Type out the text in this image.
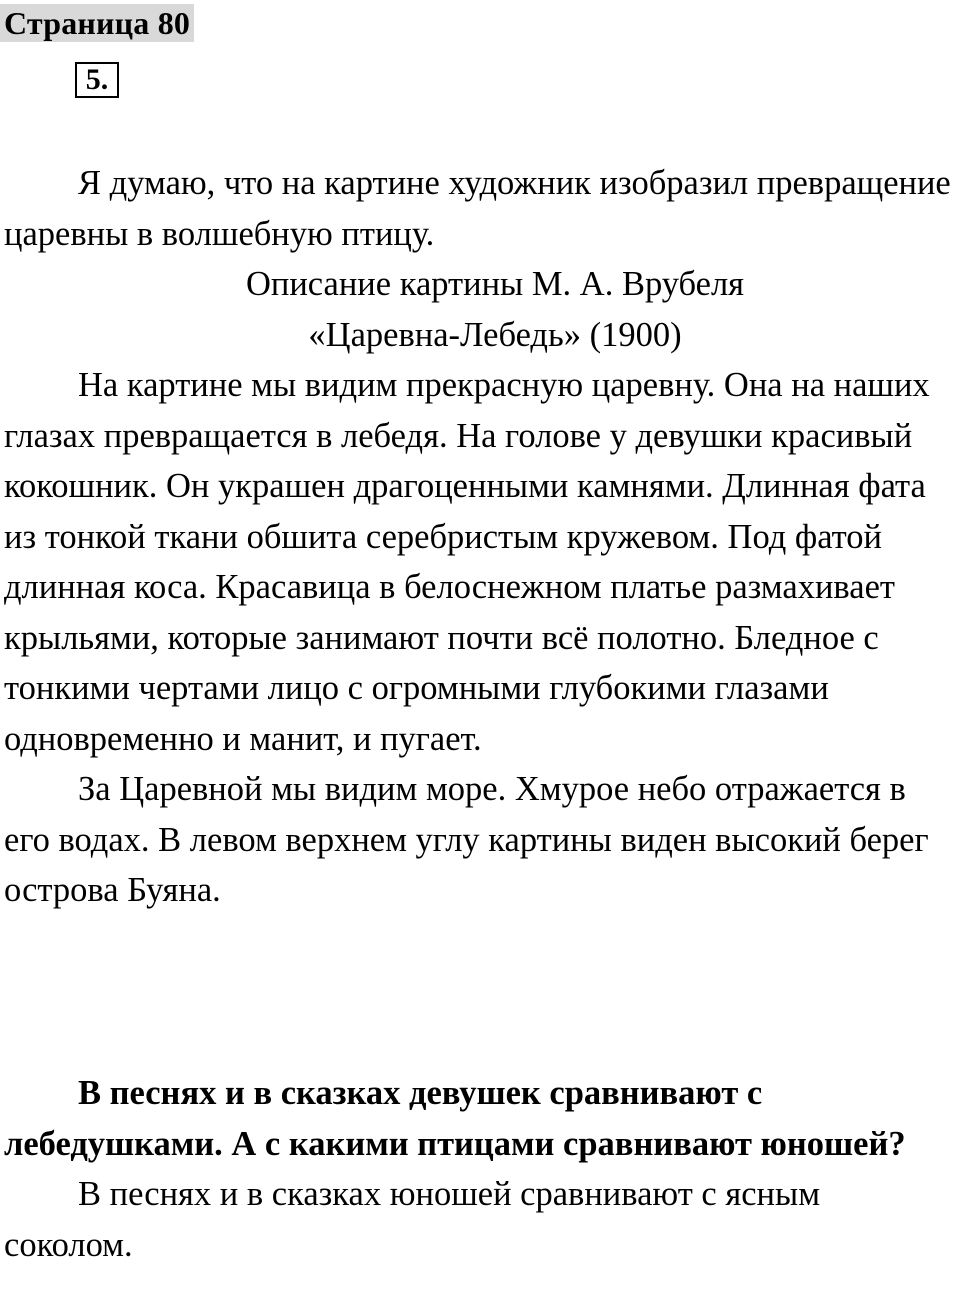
Страница 80
5.

Я думаю, что на картине художник изобразил превращение царевны в волшебную птицу.

Описание картины М. А. Врубеля

«Царевна-Лебедь» (1900)

На картине мы видим прекрасную царевну. Она на наших глазах превращается в лебедя. На голове у девушки красивый кокошник. Он украшен драгоценными камнями. Длинная фата из тонкой ткани обшита серебристым кружевом. Под фатой длинная коса. Красавица в белоснежном платье размахивает крыльями, которые занимают почти всё полотно. Бледное с тонкими чертами лицо с огромными глубокими глазами одновременно и манит, и пугает.

За Царевной мы видим море. Хмурое небо отражается в его водах. В левом верхнем углу картины виден высокий берег острова Буяна.

В песнях и в сказках девушек сравнивают с лебедушками. А с какими птицами сравнивают юношей?

В песнях и в сказках юношей сравнивают с ясным соколом.
